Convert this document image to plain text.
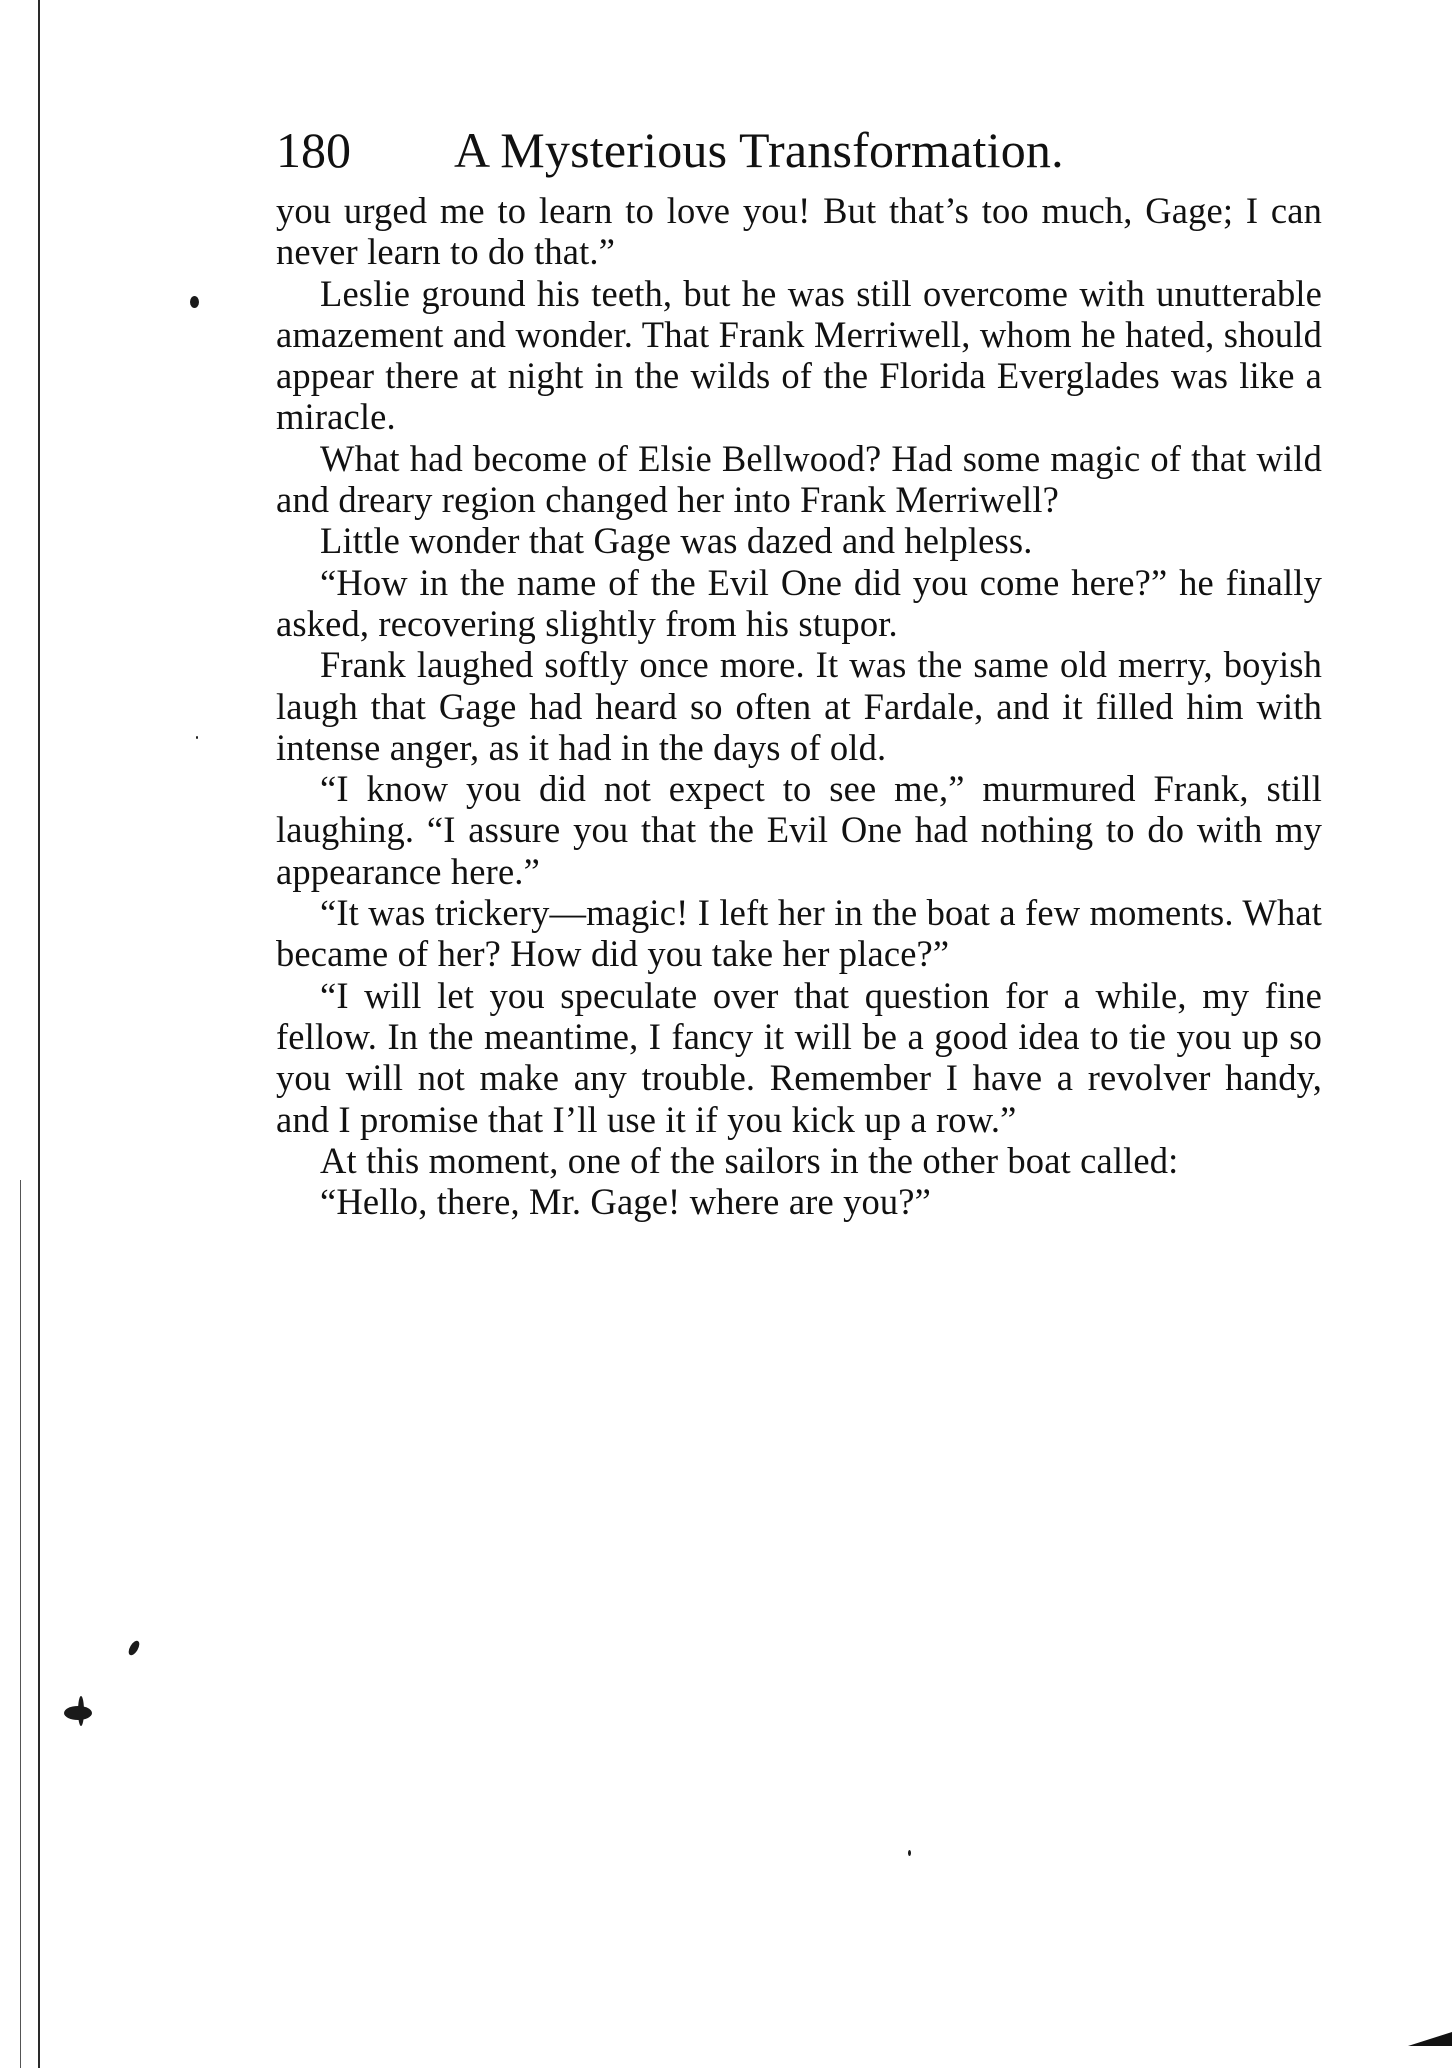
180	A Mysterious Transformation.

you urged me to learn to love you! But that’s too much, Gage; I can never learn to do that.”

Leslie ground his teeth, but he was still overcome with unutterable amazement and wonder. That Frank Merriwell, whom he hated, should appear there at night in the wilds of the Florida Everglades was like a miracle.

What had become of Elsie Bellwood? Had some magic of that wild and dreary region changed her into Frank Merriwell?

Little wonder that Gage was dazed and helpless.

“How in the name of the Evil One did you come here?” he finally asked, recovering slightly from his stupor.

Frank laughed softly once more. It was the same old merry, boyish laugh that Gage had heard so often at Fardale, and it filled him with intense anger, as it had in the days of old.

“I know you did not expect to see me,” murmured Frank, still laughing. “I assure you that the Evil One had nothing to do with my appearance here.”

“It was trickery—magic! I left her in the boat a few moments. What became of her? How did you take her place?”

“I will let you speculate over that question for a while, my fine fellow. In the meantime, I fancy it will be a good idea to tie you up so you will not make any trouble. Remember I have a revolver handy, and I promise that I’ll use it if you kick up a row.”

At this moment, one of the sailors in the other boat called:

“Hello, there, Mr. Gage! where are you?”
